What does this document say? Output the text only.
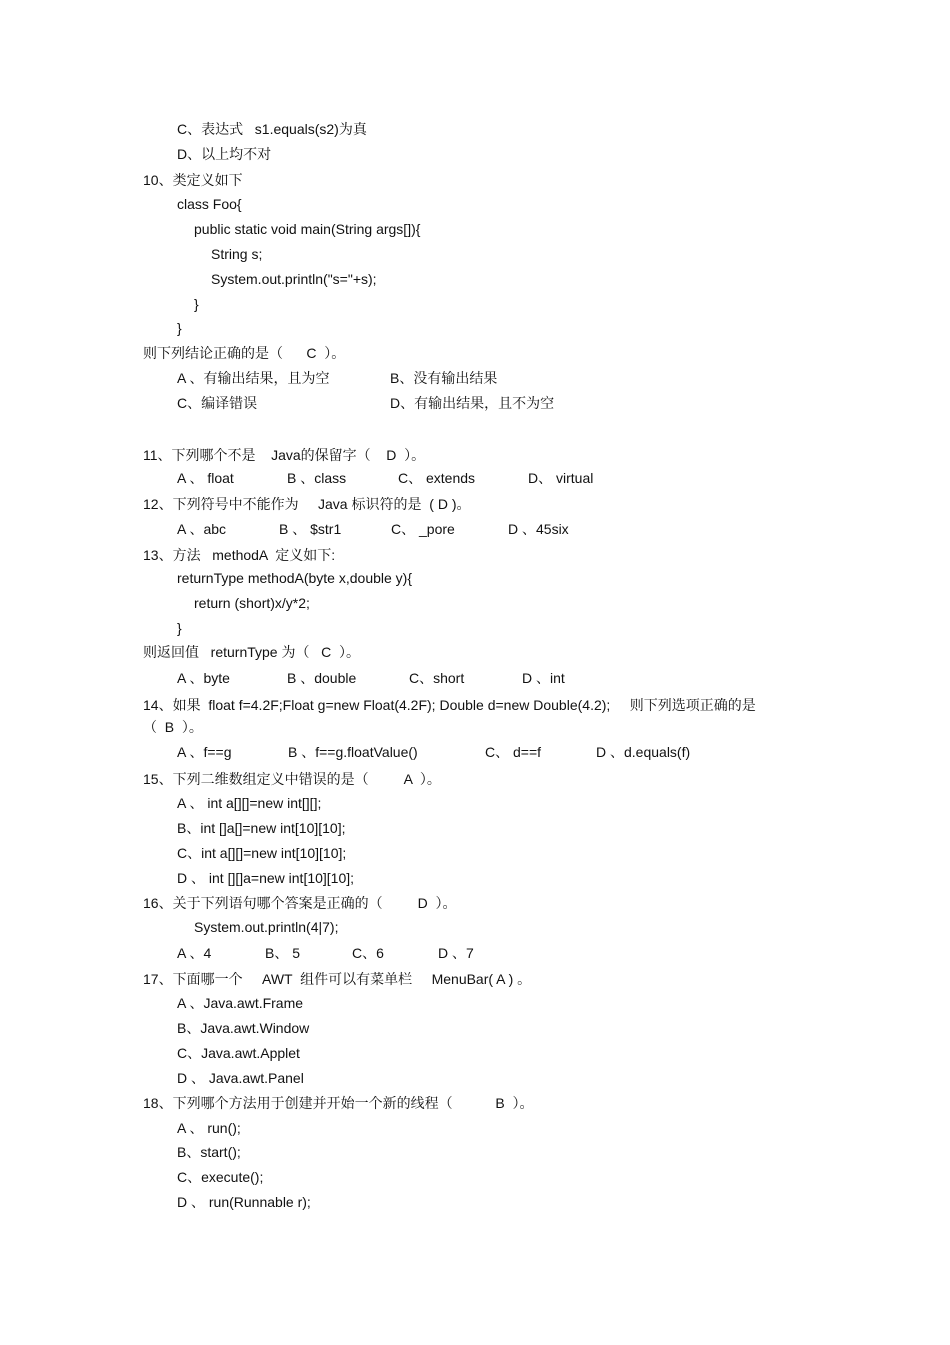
C、表达式   s1.equals(s2)为真
D、以上均不对
10、类定义如下
class Foo{
public static void main(String args[]){
String s;
System.out.println("s="+s);
}
}
则下列结论正确的是（      C  ）。
A 、有输出结果，且为空	B、没有输出结果
C、编译错误	D、有输出结果，且不为空
11、下列哪个不是    Java的保留字（    D  ）。
A 、 float	B 、class	C、 extends	D、 virtual
12、下列符号中不能作为     Java 标识符的是  ( D )。
A 、abc	B 、 $str1	C、 _pore	D 、45six
13、方法   methodA  定义如下:
returnType methodA(byte x,double y){
return (short)x/y*2;
}
则返回值   returnType 为（   C  ）。
A 、byte	B 、double	C、short	D 、int
14、如果  float f=4.2F;Float g=new Float(4.2F); Double d=new Double(4.2);     则下列选项正确的是
（  B  ）。
A 、f==g	B 、f==g.floatValue()	C、 d==f	D 、d.equals(f)
15、下列二维数组定义中错误的是（         A  ）。
A 、 int a[][]=new int[][];
B、int []a[]=new int[10][10];
C、int a[][]=new int[10][10];
D 、 int [][]a=new int[10][10];
16、关于下列语句哪个答案是正确的（         D  ）。
System.out.println(4|7);
A 、4	B、 5	C、6	D 、7
17、下面哪一个     AWT  组件可以有菜单栏     MenuBar( A ) 。
A 、Java.awt.Frame
B、Java.awt.Window
C、Java.awt.Applet
D 、 Java.awt.Panel
18、下列哪个方法用于创建并开始一个新的线程（           B  ）。
A 、 run();
B、start();
C、execute();
D 、 run(Runnable r);
